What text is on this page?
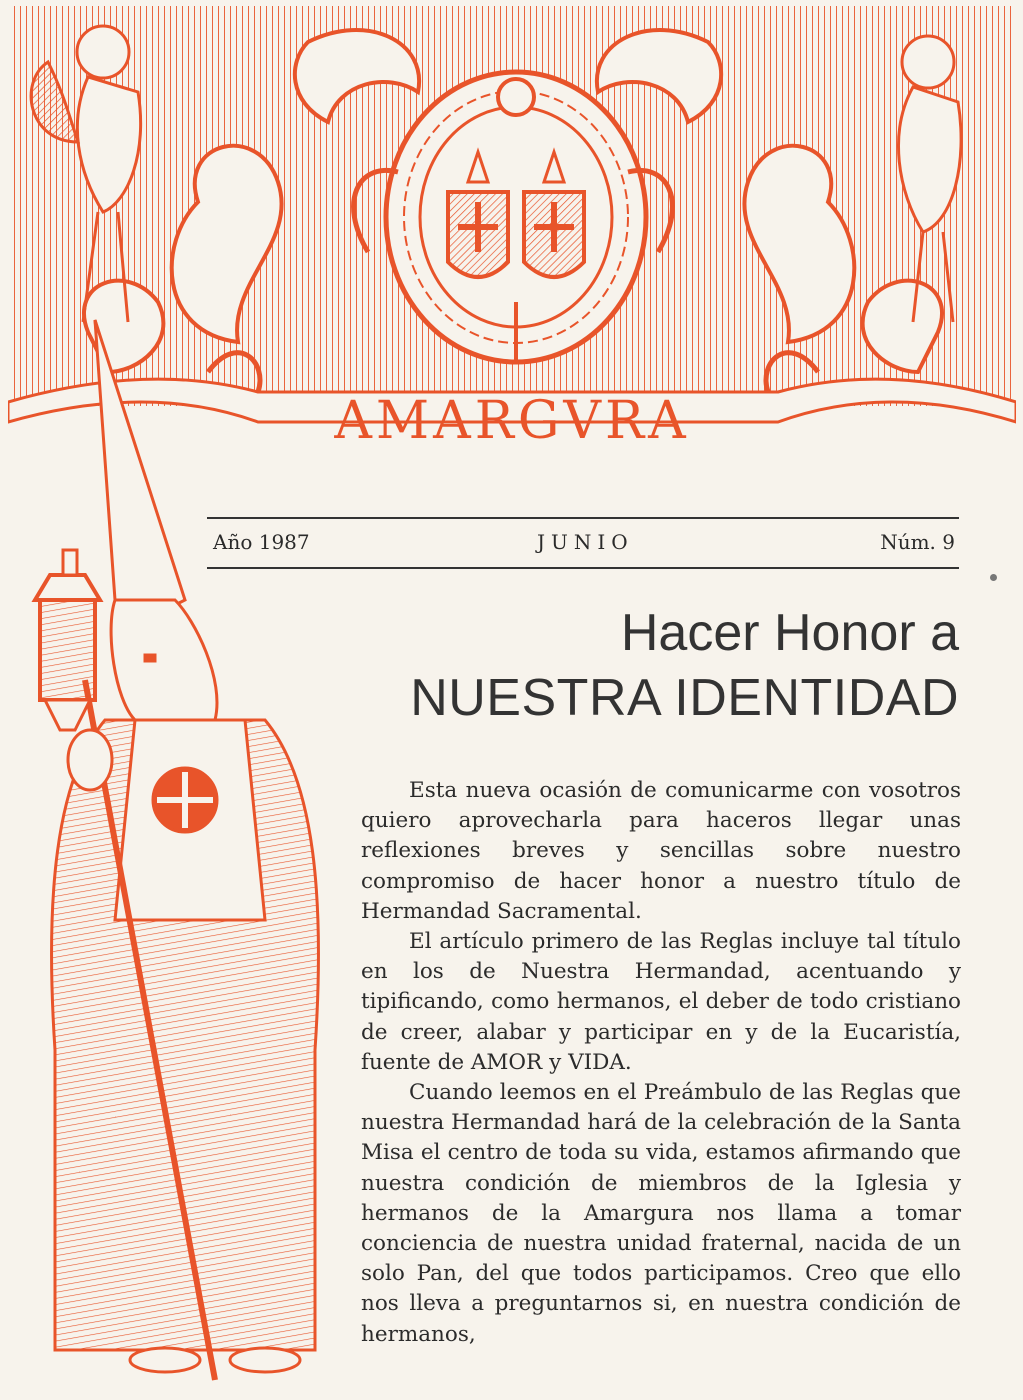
AMARGVRA
Año 1987	JUNIO	Núm. 9
Hacer Honor a
NUESTRA IDENTIDAD

Esta nueva ocasión de comunicarme con vosotros quiero aprovecharla para haceros llegar unas reflexiones breves y sencillas sobre nuestro compromiso de hacer honor a nuestro título de Hermandad Sacramental.

El artículo primero de las Reglas incluye tal título en los de Nuestra Hermandad, acentuando y tipificando, como hermanos, el deber de todo cristiano de creer, alabar y participar en y de la Eucaristía, fuente de AMOR y VIDA.

Cuando leemos en el Preámbulo de las Reglas que nuestra Hermandad hará de la celebración de la Santa Misa el centro de toda su vida, estamos afirmando que nuestra condición de miembros de la Iglesia y hermanos de la Amargura nos llama a tomar conciencia de nuestra unidad fraternal, nacida de un solo Pan, del que todos participamos. Creo que ello nos lleva a preguntarnos si, en nuestra condición de hermanos,
